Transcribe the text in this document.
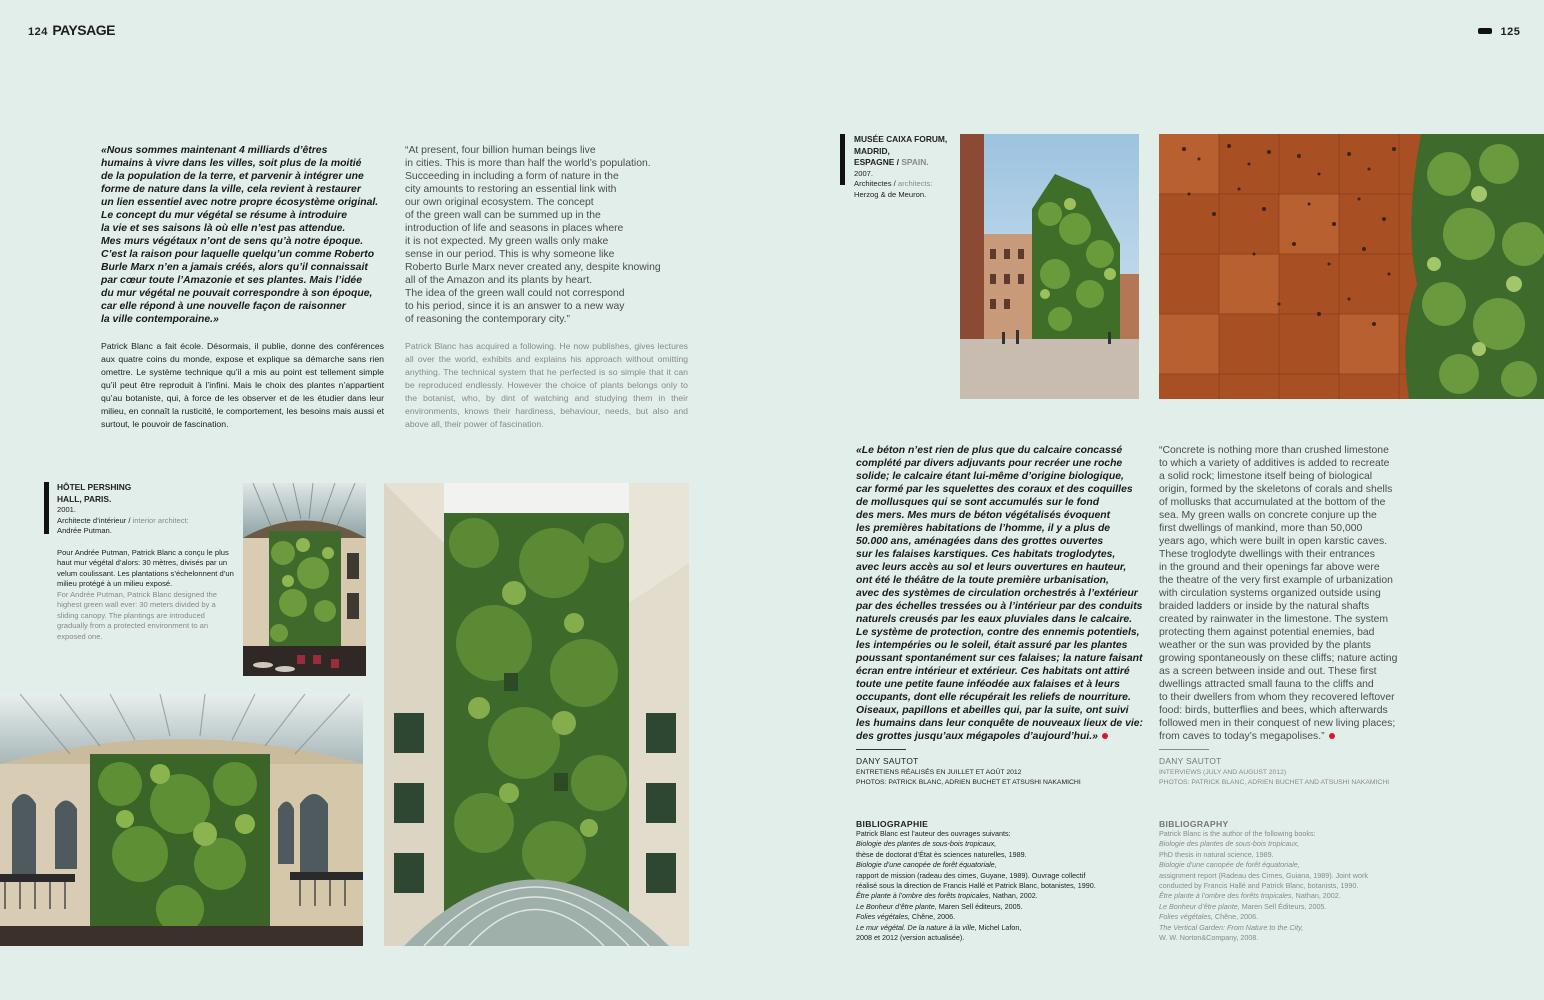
124 PAYSAGE	125
«Nous sommes maintenant 4 milliards d’êtres
humains à vivre dans les villes, soit plus de la moitié
de la population de la terre, et parvenir à intégrer une
forme de nature dans la ville, cela revient à restaurer
un lien essentiel avec notre propre écosystème original.
Le concept du mur végétal se résume à introduire
la vie et ses saisons là où elle n’est pas attendue.
Mes murs végétaux n’ont de sens qu’à notre époque.
C’est la raison pour laquelle quelqu’un comme Roberto
Burle Marx n’en a jamais créés, alors qu’il connaissait
par cœur toute l’Amazonie et ses plantes. Mais l’idée
du mur végétal ne pouvait correspondre à son époque,
car elle répond à une nouvelle façon de raisonner
la ville contemporaine.»
“At present, four billion human beings live
in cities. This is more than half the world’s population.
Succeeding in including a form of nature in the
city amounts to restoring an essential link with
our own original ecosystem. The concept
of the green wall can be summed up in the
introduction of life and seasons in places where
it is not expected. My green walls only make
sense in our period. This is why someone like
Roberto Burle Marx never created any, despite knowing
all of the Amazon and its plants by heart.
The idea of the green wall could not correspond
to his period, since it is an answer to a new way
of reasoning the contemporary city.”
Patrick Blanc a fait école. Désormais, il publie, donne des conférences aux quatre coins du monde, expose et explique sa démarche sans rien omettre. Le système technique qu’il a mis au point est tellement simple qu’il peut être reproduit à l’infini. Mais le choix des plantes n’appartient qu’au botaniste, qui, à force de les observer et de les étudier dans leur milieu, en connaît la rusticité, le comportement, les besoins mais aussi et surtout, le pouvoir de fascination.
Patrick Blanc has acquired a following. He now publishes, gives lectures all over the world, exhibits and explains his approach without omitting anything. The technical system that he perfected is so simple that it can be reproduced endlessly. However the choice of plants belongs only to the botanist, who, by dint of watching and studying them in their environments, knows their hardiness, behaviour, needs, but also and above all, their power of fascination.
HÔTEL PERSHING
HALL, PARIS.
2001.
Architecte d’intérieur / interior architect:
Andrée Putman.
Pour Andrée Putman, Patrick Blanc a conçu le plus haut mur végétal d’alors: 30 mètres, divisés par un velum coulissant. Les plantations s’échelonnent d’un milieu protégé à un milieu exposé.
For Andrée Putman, Patrick Blanc designed the highest green wall ever: 30 meters divided by a sliding canopy. The plantings are introduced gradually from a protected environment to an exposed one.
MUSÉE CAIXA FORUM,
MADRID,
ESPAGNE / SPAIN.
2007.
Architectes / architects:
Herzog & de Meuron.
«Le béton n’est rien de plus que du calcaire concassé
complété par divers adjuvants pour recréer une roche
solide; le calcaire étant lui-même d’origine biologique,
car formé par les squelettes des coraux et des coquilles
de mollusques qui se sont accumulés sur le fond
des mers. Mes murs de béton végétalisés évoquent
les premières habitations de l’homme, il y a plus de
50.000 ans, aménagées dans des grottes ouvertes
sur les falaises karstiques. Ces habitats troglodytes,
avec leurs accès au sol et leurs ouvertures en hauteur,
ont été le théâtre de la toute première urbanisation,
avec des systèmes de circulation orchestrés à l’extérieur
par des échelles tressées ou à l’intérieur par des conduits
naturels creusés par les eaux pluviales dans le calcaire.
Le système de protection, contre des ennemis potentiels,
les intempéries ou le soleil, était assuré par les plantes
poussant spontanément sur ces falaises; la nature faisant
écran entre intérieur et extérieur. Ces habitats ont attiré
toute une petite faune inféodée aux falaises et à leurs
occupants, dont elle récupérait les reliefs de nourriture.
Oiseaux, papillons et abeilles qui, par la suite, ont suivi
les humains dans leur conquête de nouveaux lieux de vie:
des grottes jusqu’aux mégapoles d’aujourd’hui.»
“Concrete is nothing more than crushed limestone
to which a variety of additives is added to recreate
a solid rock; limestone itself being of biological
origin, formed by the skeletons of corals and shells
of mollusks that accumulated at the bottom of the
sea. My green walls on concrete conjure up the
first dwellings of mankind, more than 50,000
years ago, which were built in open karstic caves.
These troglodyte dwellings with their entrances
in the ground and their openings far above were
the theatre of the very first example of urbanization
with circulation systems organized outside using
braided ladders or inside by the natural shafts
created by rainwater in the limestone. The system
protecting them against potential enemies, bad
weather or the sun was provided by the plants
growing spontaneously on these cliffs; nature acting
as a screen between inside and out. These first
dwellings attracted small fauna to the cliffs and
to their dwellers from whom they recovered leftover
food: birds, butterflies and bees, which afterwards
followed men in their conquest of new living places;
from caves to today’s megapolises.”
DANY SAUTOT
ENTRETIENS RÉALISÉS EN JUILLET ET AOÛT 2012
PHOTOS: PATRICK BLANC, ADRIEN BUCHET ET ATSUSHI NAKAMICHI
DANY SAUTOT
INTERVIEWS (JULY AND AUGUST 2012)
PHOTOS: PATRICK BLANC, ADRIEN BUCHET AND ATSUSHI NAKAMICHI
BIBLIOGRAPHIE
Patrick Blanc est l’auteur des ouvrages suivants:
Biologie des plantes de sous-bois tropicaux,
thèse de doctorat d’État ès sciences naturelles, 1989.
Biologie d’une canopée de forêt équatoriale,
rapport de mission (radeau des cimes, Guyane, 1989). Ouvrage collectif
réalisé sous la direction de Francis Hallé et Patrick Blanc, botanistes, 1990.
Être plante à l’ombre des forêts tropicales, Nathan, 2002.
Le Bonheur d’être plante, Maren Sell éditeurs, 2005.
Folies végétales, Chêne, 2006.
Le mur végétal. De la nature à la ville, Michel Lafon,
2008 et 2012 (version actualisée).
BIBLIOGRAPHY
Patrick Blanc is the author of the following books:
Biologie des plantes de sous-bois tropicaux,
PhD thesis in natural science, 1989.
Biologie d’une canopée de forêt équatoriale,
assignment report (Radeau des Cimes, Guiana, 1989). Joint work
conducted by Francis Hallé and Patrick Blanc, botanists, 1990.
Être plante à l’ombre des forêts tropicales, Nathan, 2002.
Le Bonheur d’être plante, Maren Sell Éditeurs, 2005.
Folies végétales, Chêne, 2006.
The Vertical Garden: From Nature to the City,
W. W. Norton&Company, 2008.
